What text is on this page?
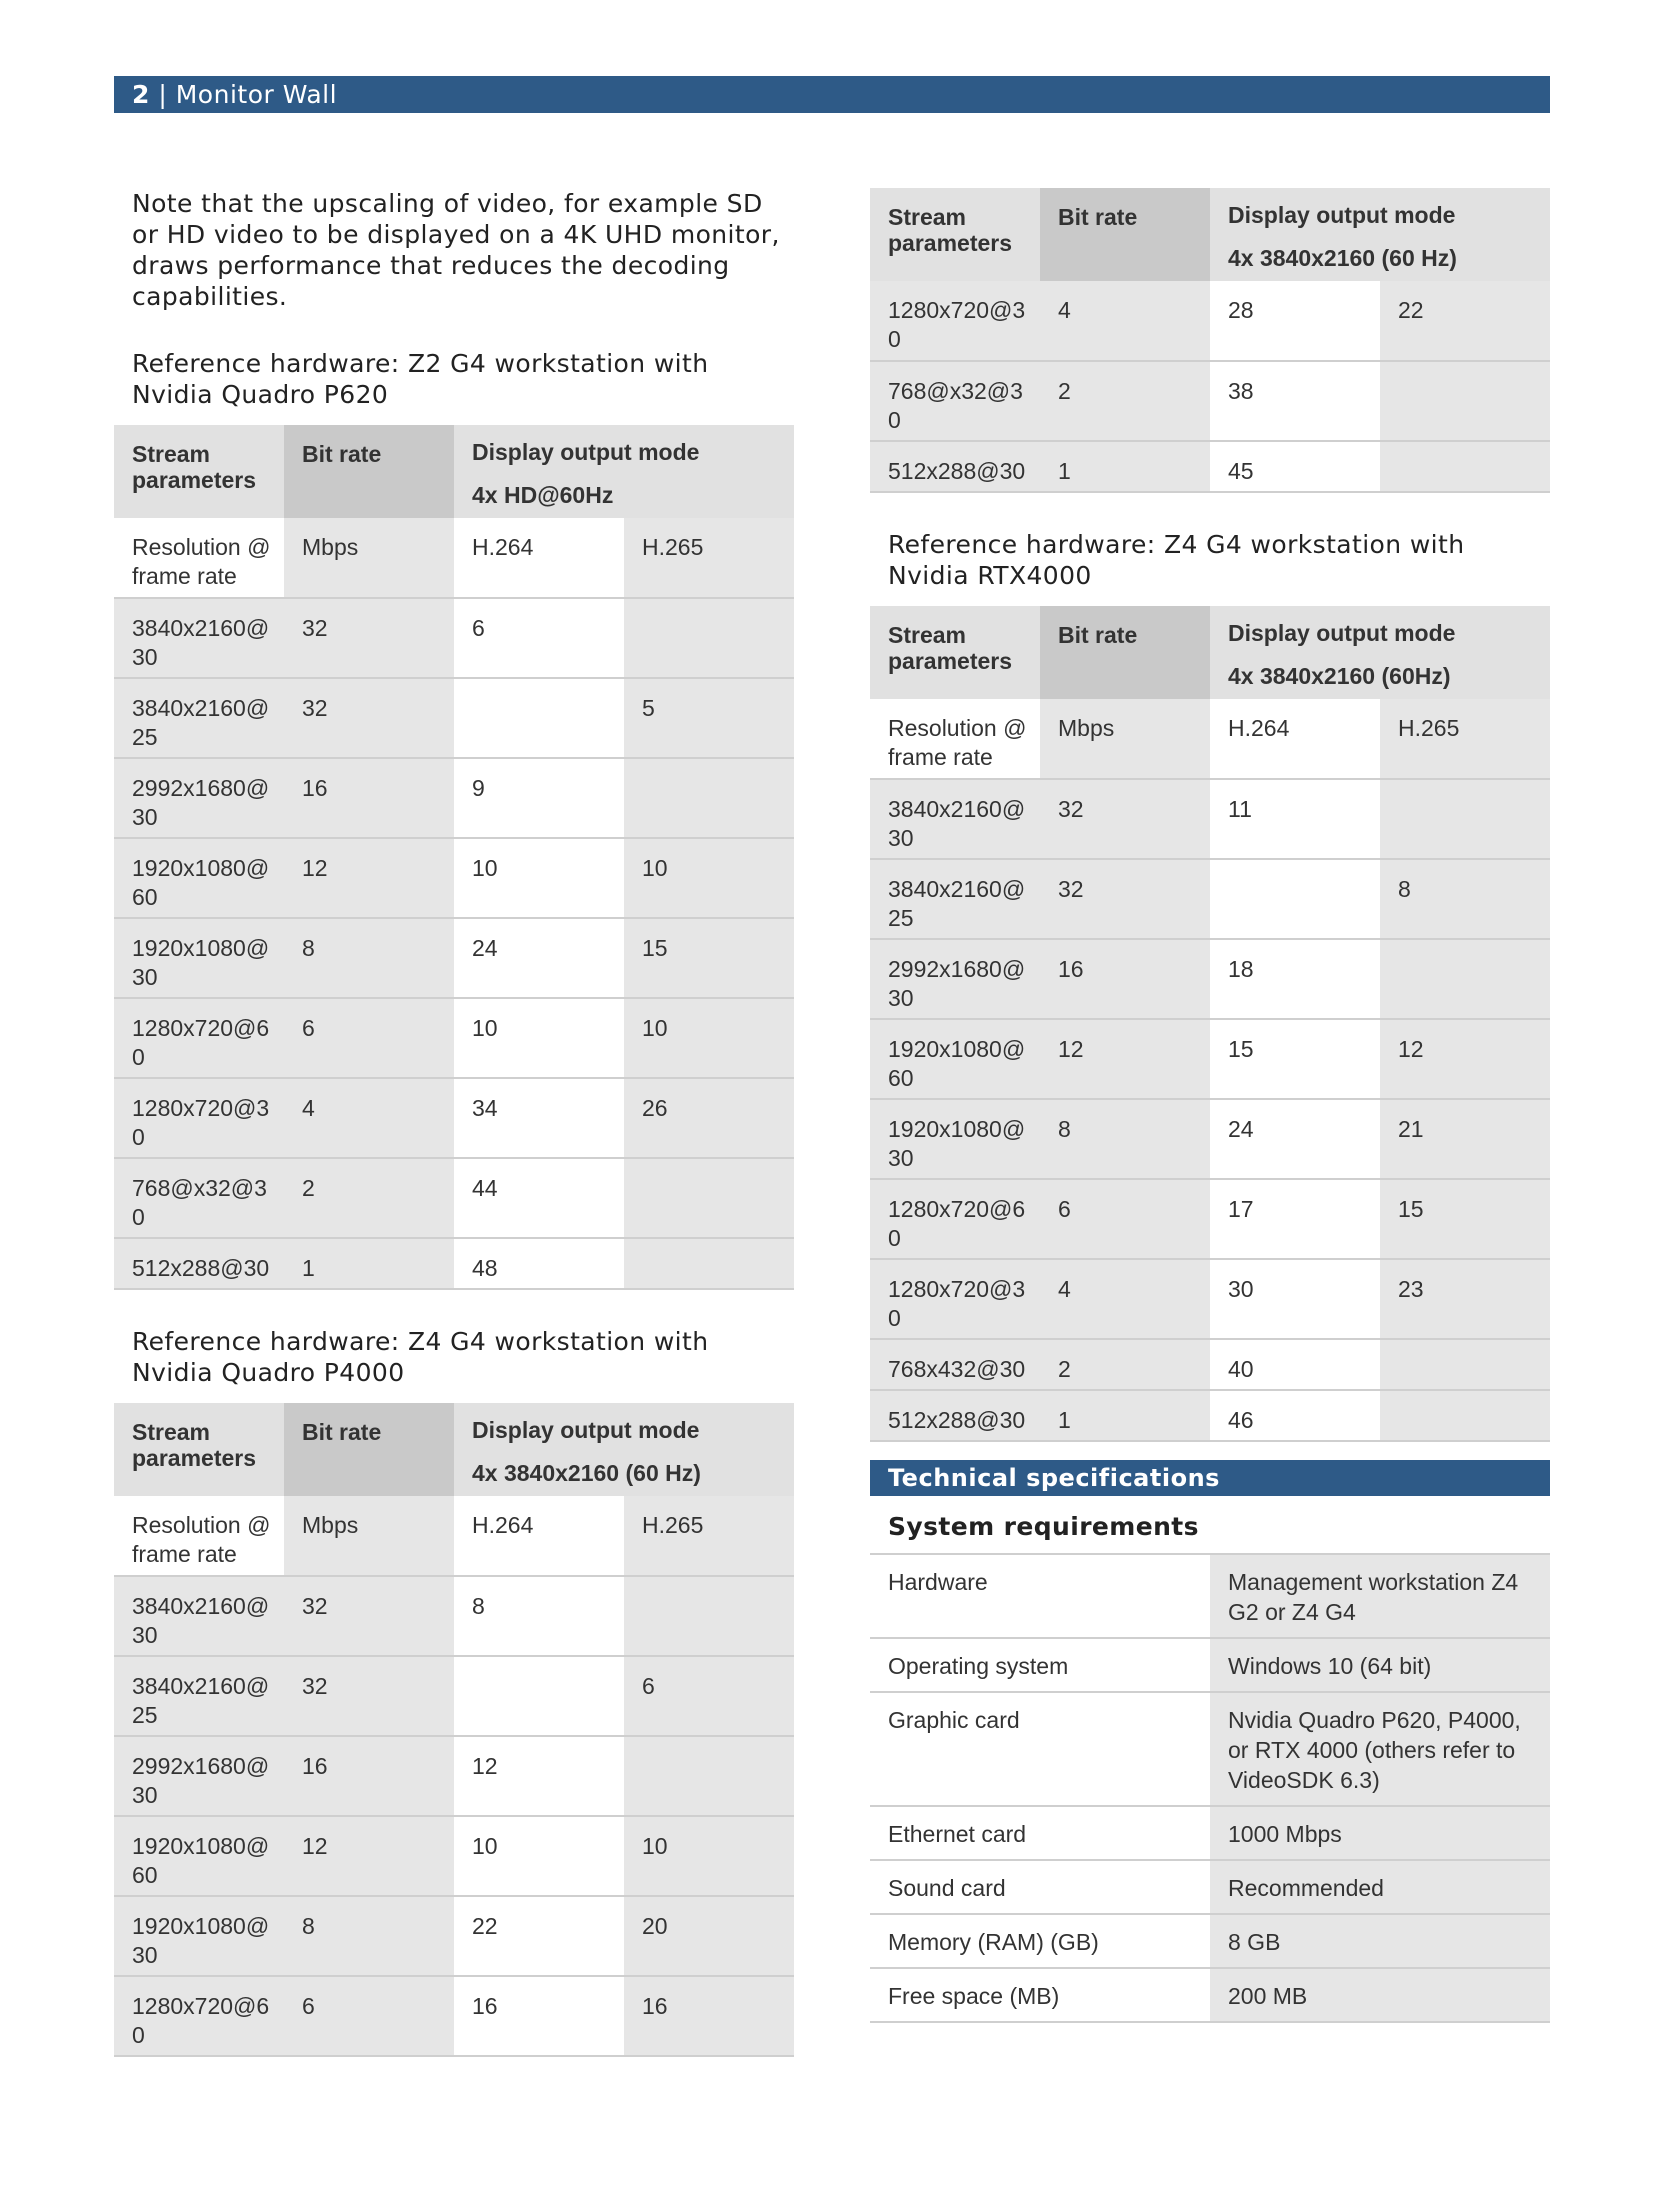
2 | Monitor Wall

Note that the upscaling of video, for example SD or HD video to be displayed on a 4K UHD monitor, draws performance that reduces the decoding capabilities.

Reference hardware: Z2 G4 workstation with Nvidia Quadro P620

Stream parameters	Bit rate	Display output mode
4x HD@60Hz	

Resolution @ frame rate	Mbps	H.264	H.265
3840x2160@ 30	32	6	
3840x2160@ 25	32		5
2992x1680@ 30	16	9	
1920x1080@ 60	12	10	10
1920x1080@ 30	8	24	15
1280x720@6 0	6	10	10
1280x720@3 0	4	34	26
768@x32@3 0	2	44	
512x288@30	1	48	

Reference hardware: Z4 G4 workstation with Nvidia Quadro P4000

Stream parameters	Bit rate	Display output mode
4x 3840x2160 (60 Hz)	

Resolution @ frame rate	Mbps	H.264	H.265
3840x2160@ 30	32	8	
3840x2160@ 25	32		6
2992x1680@ 30	16	12	
1920x1080@ 60	12	10	10
1920x1080@ 30	8	22	20
1280x720@6 0	6	16	16
Stream parameters	Bit rate	Display output mode
4x 3840x2160 (60 Hz)	

1280x720@3 0	4	28	22
768@x32@3 0	2	38	
512x288@30	1	45	

Reference hardware: Z4 G4 workstation with Nvidia RTX4000

Stream parameters	Bit rate	Display output mode
4x 3840x2160 (60Hz)	

Resolution @ frame rate	Mbps	H.264	H.265
3840x2160@ 30	32	11	
3840x2160@ 25	32		8
2992x1680@ 30	16	18	
1920x1080@ 60	12	15	12
1920x1080@ 30	8	24	21
1280x720@6 0	6	17	15
1280x720@3 0	4	30	23
768x432@30	2	40	
512x288@30	1	46	
Technical specifications
System requirements
Hardware	Management workstation Z4 G2 or Z4 G4
Operating system	Windows 10 (64 bit)
Graphic card	Nvidia Quadro P620, P4000, or RTX 4000 (others refer to VideoSDK 6.3)
Ethernet card	1000 Mbps
Sound card	Recommended
Memory (RAM) (GB)	8 GB
Free space (MB)	200 MB
